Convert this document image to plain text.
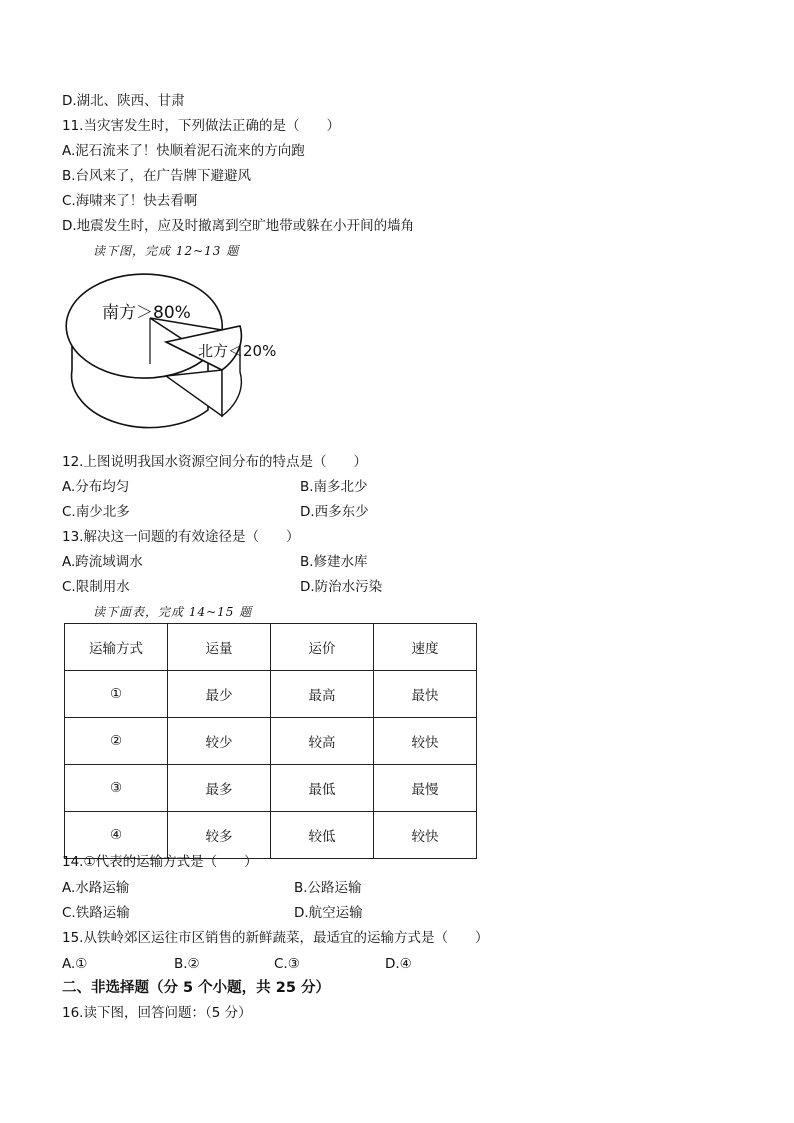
D.湖北、陕西、甘肃
11.当灾害发生时，下列做法正确的是（　　）
A.泥石流来了！快顺着泥石流来的方向跑
B.台风来了，在广告牌下避避风
C.海啸来了！快去看啊
D.地震发生时，应及时撤离到空旷地带或躲在小开间的墙角
读下图，完成 12~13 题
南方＞80%
北方＜20%
12.上图说明我国水资源空间分布的特点是（　　）
A.分布均匀	B.南多北少
C.南少北多	D.西多东少
13.解决这一问题的有效途径是（　　）
A.跨流域调水	B.修建水库
C.限制用水	D.防治水污染
读下面表，完成 14~15 题
运输方式	运量	运价	速度
①	最少	最高	最快
②	较少	较高	较快
③	最多	最低	最慢
④	较多	较低	较快
14.①代表的运输方式是（　　）
A.水路运输	B.公路运输
C.铁路运输	D.航空运输
15.从铁岭郊区运往市区销售的新鲜蔬菜，最适宜的运输方式是（　　）
A.①	B.②	C.③	D.④
二、非选择题（分 5 个小题，共 25 分）
16.读下图，回答问题：（5 分）
